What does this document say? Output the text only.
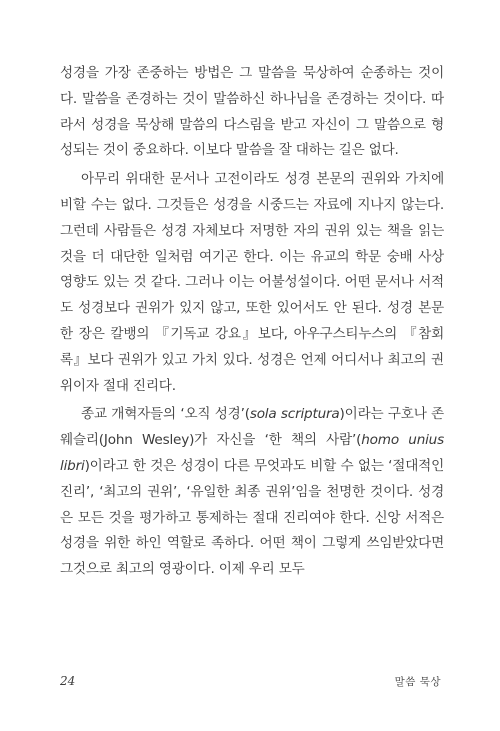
성경을 가장 존중하는 방법은 그 말씀을 묵상하여 순종하는 것이다. 말씀을 존경하는 것이 말씀하신 하나님을 존경하는 것이다. 따라서 성경을 묵상해 말씀의 다스림을 받고 자신이 그 말씀으로 형성되는 것이 중요하다. 이보다 말씀을 잘 대하는 길은 없다.

아무리 위대한 문서나 고전이라도 성경 본문의 권위와 가치에 비할 수는 없다. 그것들은 성경을 시중드는 자료에 지나지 않는다. 그런데 사람들은 성경 자체보다 저명한 자의 권위 있는 책을 읽는 것을 더 대단한 일처럼 여기곤 한다. 이는 유교의 학문 숭배 사상 영향도 있는 것 같다. 그러나 이는 어불성설이다. 어떤 문서나 서적도 성경보다 권위가 있지 않고, 또한 있어서도 안 된다. 성경 본문 한 장은 칼뱅의 『기독교 강요』보다, 아우구스티누스의 『참회록』보다 권위가 있고 가치 있다. 성경은 언제 어디서나 최고의 권위이자 절대 진리다.

종교 개혁자들의 ‘오직 성경’(sola scriptura)이라는 구호나 존 웨슬리(John Wesley)가 자신을 ‘한 책의 사람’(homo unius libri)이라고 한 것은 성경이 다른 무엇과도 비할 수 없는 ‘절대적인 진리’, ‘최고의 권위’, ‘유일한 최종 권위’임을 천명한 것이다. 성경은 모든 것을 평가하고 통제하는 절대 진리여야 한다. 신앙 서적은 성경을 위한 하인 역할로 족하다. 어떤 책이 그렇게 쓰임받았다면 그것으로 최고의 영광이다. 이제 우리 모두

24	말씀 묵상
